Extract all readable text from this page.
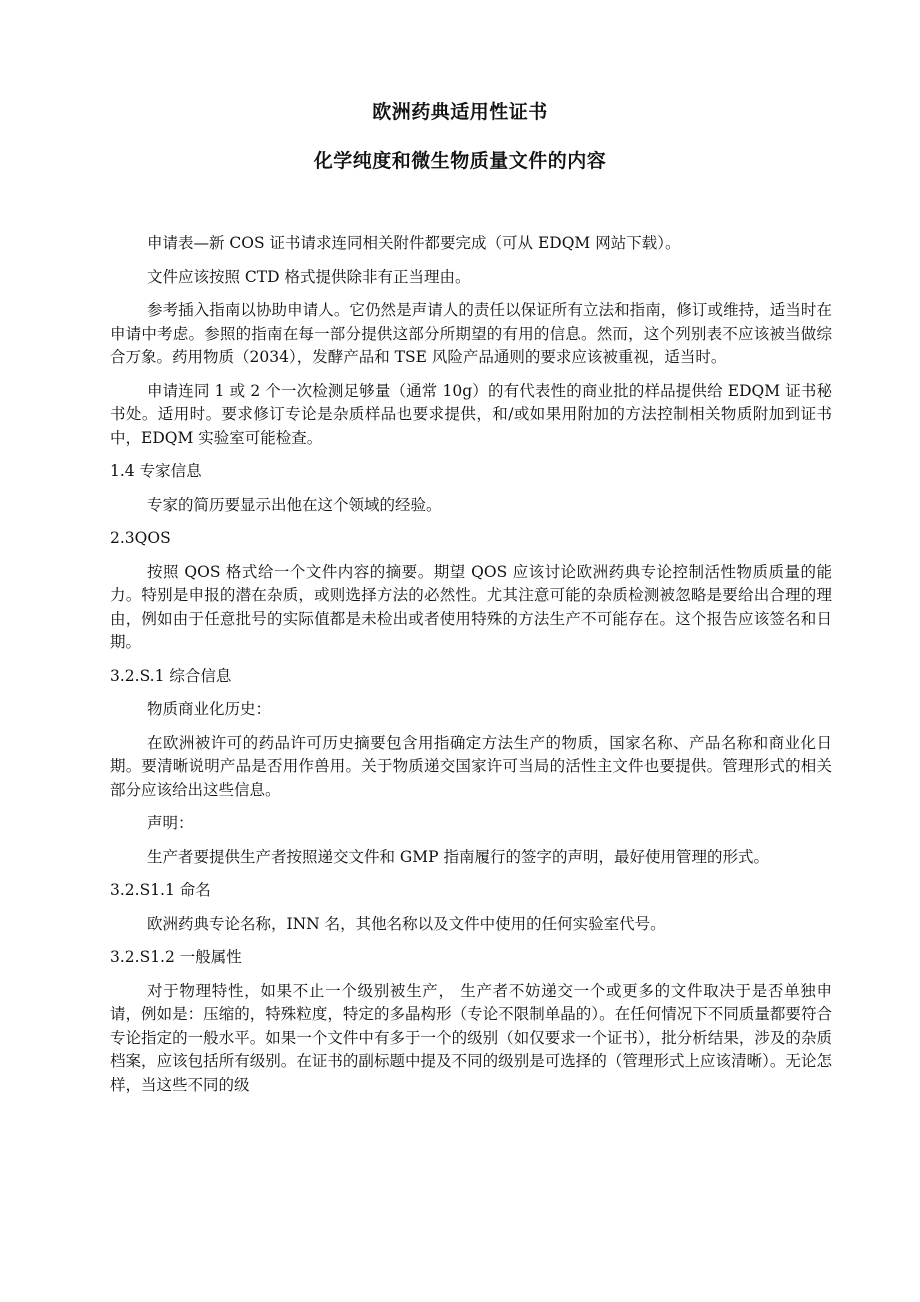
欧洲药典适用性证书
化学纯度和微生物质量文件的内容

申请表—新 COS 证书请求连同相关附件都要完成（可从 EDQM 网站下载）。

文件应该按照 CTD 格式提供除非有正当理由。

参考插入指南以协助申请人。它仍然是声请人的责任以保证所有立法和指南，修订或维持，适当时在申请中考虑。参照的指南在每一部分提供这部分所期望的有用的信息。然而，这个列别表不应该被当做综合万象。药用物质（2034），发酵产品和 TSE 风险产品通则的要求应该被重视，适当时。

申请连同 1 或 2 个一次检测足够量（通常 10g）的有代表性的商业批的样品提供给 EDQM 证书秘书处。适用时。要求修订专论是杂质样品也要求提供，和/或如果用附加的方法控制相关物质附加到证书中，EDQM 实验室可能检查。

1.4 专家信息

专家的简历要显示出他在这个领域的经验。

2.3QOS

按照 QOS 格式给一个文件内容的摘要。期望 QOS 应该讨论欧洲药典专论控制活性物质质量的能力。特别是申报的潜在杂质，或则选择方法的必然性。尤其注意可能的杂质检测被忽略是要给出合理的理由，例如由于任意批号的实际值都是未检出或者使用特殊的方法生产不可能存在。这个报告应该签名和日期。

3.2.S.1 综合信息

物质商业化历史：

在欧洲被许可的药品许可历史摘要包含用指确定方法生产的物质，国家名称、产品名称和商业化日期。要清晰说明产品是否用作兽用。关于物质递交国家许可当局的活性主文件也要提供。管理形式的相关部分应该给出这些信息。

声明：

生产者要提供生产者按照递交文件和 GMP 指南履行的签字的声明，最好使用管理的形式。

3.2.S1.1 命名

欧洲药典专论名称，INN 名，其他名称以及文件中使用的任何实验室代号。

3.2.S1.2 一般属性

对于物理特性，如果不止一个级别被生产， 生产者不妨递交一个或更多的文件取决于是否单独申请，例如是：压缩的，特殊粒度，特定的多晶构形（专论不限制单晶的）。在任何情况下不同质量都要符合专论指定的一般水平。如果一个文件中有多于一个的级别（如仅要求一个证书），批分析结果，涉及的杂质档案，应该包括所有级别。在证书的副标题中提及不同的级别是可选择的（管理形式上应该清晰）。无论怎样，当这些不同的级
